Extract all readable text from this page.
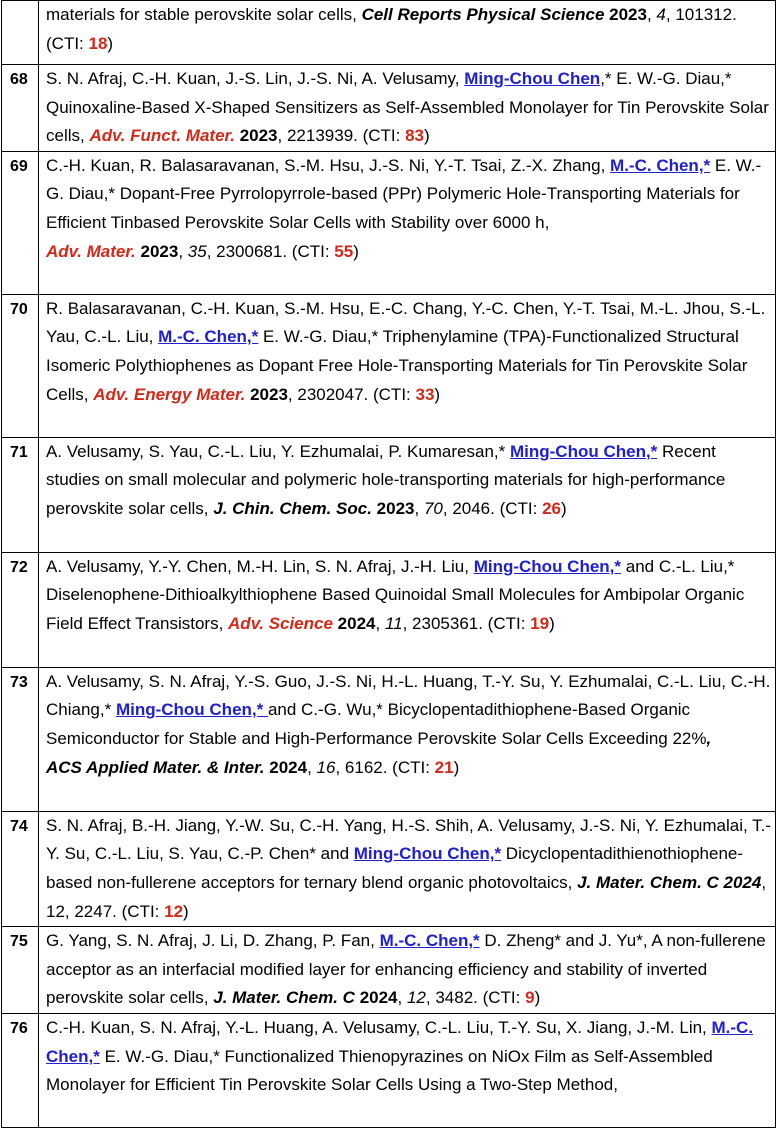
	materials for stable perovskite solar cells, Cell Reports Physical Science 2023, 4, 101312. (CTI: 18)
68	S. N. Afraj, C.-H. Kuan, J.-S. Lin, J.-S. Ni, A. Velusamy, Ming-Chou Chen,* E. W.-G. Diau,* Quinoxaline-Based X-Shaped Sensitizers as Self-Assembled Monolayer for Tin Perovskite Solar cells, Adv. Funct. Mater. 2023, 2213939. (CTI: 83)
69	C.-H. Kuan, R. Balasaravanan, S.-M. Hsu, J.-S. Ni, Y.-T. Tsai, Z.-X. Zhang, M.-C. Chen,* E. W.-G. Diau,* Dopant-Free Pyrrolopyrrole-based (PPr) Polymeric Hole-Transporting Materials for Efficient Tinbased Perovskite Solar Cells with Stability over 6000 h,
Adv. Mater. 2023, 35, 2300681. (CTI: 55)
70	R. Balasaravanan, C.-H. Kuan, S.-M. Hsu, E.-C. Chang, Y.-C. Chen, Y.-T. Tsai, M.-L. Jhou, S.-L. Yau, C.-L. Liu, M.-C. Chen,* E. W.-G. Diau,* Triphenylamine (TPA)-Functionalized Structural Isomeric Polythiophenes as Dopant Free Hole-Transporting Materials for Tin Perovskite Solar Cells, Adv. Energy Mater. 2023, 2302047. (CTI: 33)
71	A. Velusamy, S. Yau, C.-L. Liu, Y. Ezhumalai, P. Kumaresan,* Ming-Chou Chen,* Recent studies on small molecular and polymeric hole-transporting materials for high-performance perovskite solar cells, J. Chin. Chem. Soc. 2023, 70, 2046. (CTI: 26)
72	A. Velusamy, Y.-Y. Chen, M.-H. Lin, S. N. Afraj, J.-H. Liu, Ming-Chou Chen,* and C.-L. Liu,* Diselenophene-Dithioalkylthiophene Based Quinoidal Small Molecules for Ambipolar Organic Field Effect Transistors, Adv. Science 2024, 11, 2305361. (CTI: 19)
73	A. Velusamy, S. N. Afraj, Y.-S. Guo, J.-S. Ni, H.-L. Huang, T.-Y. Su, Y. Ezhumalai, C.-L. Liu, C.-H. Chiang,* Ming-Chou Chen,* and C.-G. Wu,* Bicyclopentadithiophene-Based Organic Semiconductor for Stable and High-Performance Perovskite Solar Cells Exceeding 22%,
ACS Applied Mater. & Inter. 2024, 16, 6162. (CTI: 21)
74	S. N. Afraj, B.-H. Jiang, Y.-W. Su, C.-H. Yang, H.-S. Shih, A. Velusamy, J.-S. Ni, Y. Ezhumalai, T.-Y. Su, C.-L. Liu, S. Yau, C.-P. Chen* and Ming-Chou Chen,* Dicyclopentadithienothiophene-based non-fullerene acceptors for ternary blend organic photovoltaics, J. Mater. Chem. C 2024, 12, 2247. (CTI: 12)
75	G. Yang, S. N. Afraj, J. Li, D. Zhang, P. Fan, M.-C. Chen,* D. Zheng* and J. Yu*, A non-fullerene acceptor as an interfacial modified layer for enhancing efficiency and stability of inverted perovskite solar cells, J. Mater. Chem. C 2024, 12, 3482. (CTI: 9)
76	C.-H. Kuan, S. N. Afraj, Y.-L. Huang, A. Velusamy, C.-L. Liu, T.-Y. Su, X. Jiang, J.-M. Lin, M.-C. Chen,* E. W.-G. Diau,* Functionalized Thienopyrazines on NiOx Film as Self-Assembled Monolayer for Efficient Tin Perovskite Solar Cells Using a Two-Step Method,
